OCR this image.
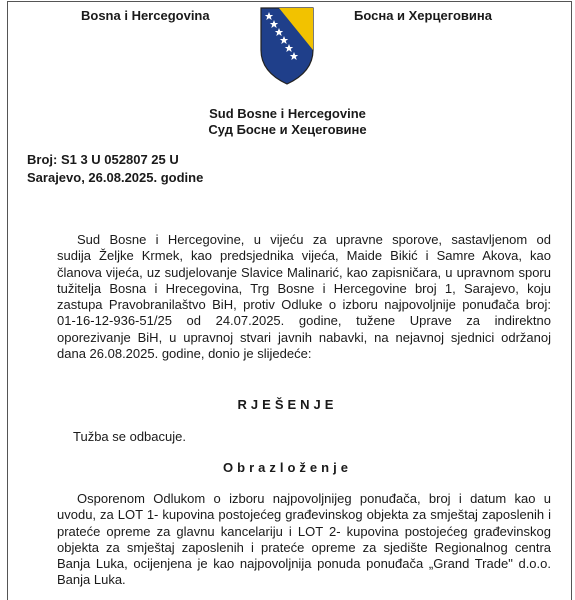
Bosna i Hercegovina	Босна и Херцеговина
Sud Bosne i Hercegovine
Суд Босне и Хецеговине
Broj: S1 3 U 052807 25 U
Sarajevo, 26.08.2025. godine
Sud Bosne i Hercegovine, u vijeću za upravne sporove, sastavljenom od
sudija Željke Krmek, kao predsjednika vijeća, Maide Bikić i Samre Akova, kao
članova vijeća, uz sudjelovanje Slavice Malinarić, kao zapisničara, u upravnom sporu
tužitelja Bosna i Hrecegovina, Trg Bosne i Hercegovine broj 1, Sarajevo, koju
zastupa Pravobranilaštvo BiH, protiv Odluke o izboru najpovoljnije ponuđača broj:
01-16-12-936-51/25 od 24.07.2025. godine, tužene Uprave za indirektno
oporezivanje BiH, u upravnoj stvari javnih nabavki, na nejavnoj sjednici održanoj
dana 26.08.2025. godine, donio je slijedeće:
RJEŠENJE
Tužba se odbacuje.
Obrazloženje
Osporenom Odlukom o izboru najpovoljnijeg ponuđača, broj i datum kao u
uvodu, za LOT 1- kupovina postojećeg građevinskog objekta za smještaj zaposlenih i
prateće opreme za glavnu kancelariju i LOT 2- kupovina postojećeg građevinskog
objekta za smještaj zaposlenih i prateće opreme za sjedište Regionalnog centra
Banja Luka, ocijenjena je kao najpovoljnija ponuda ponuđača „Grand Trade" d.o.o.
Banja Luka.
